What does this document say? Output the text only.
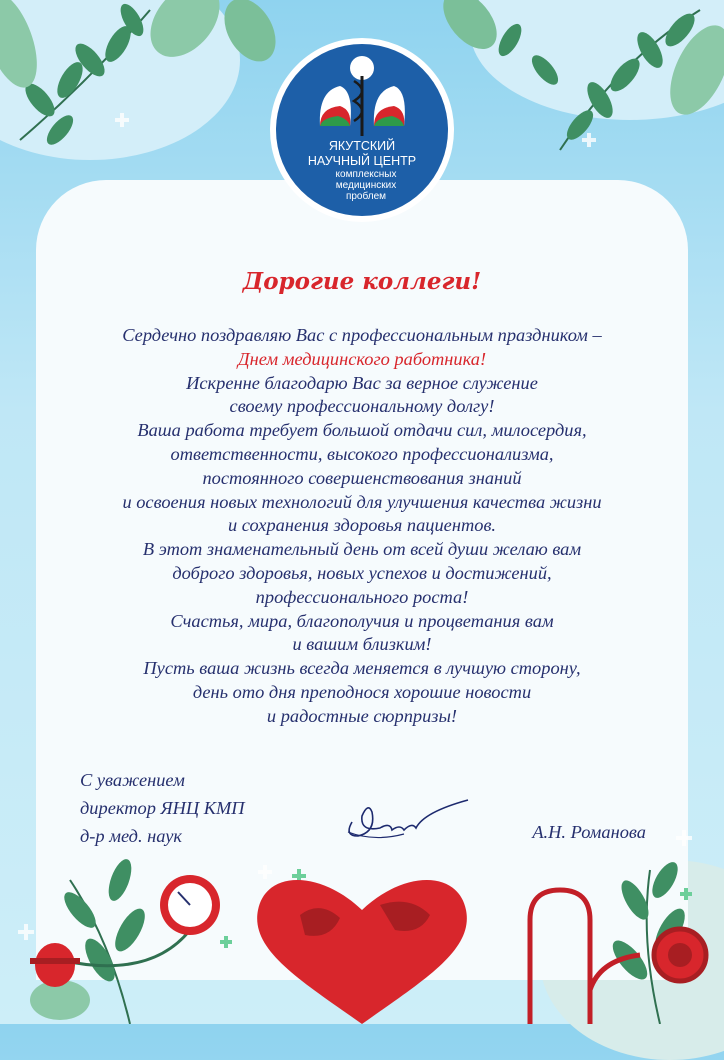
ЯКУТСКИЙ
НАУЧНЫЙ ЦЕНТР
комплексных
медицинских
проблем
Дорогие коллеги!
Сердечно поздравляю Вас с профессиональным праздником –
Днем медицинского работника!
Искренне благодарю Вас за верное служение
своему профессиональному долгу!
Ваша работа требует большой отдачи сил, милосердия,
ответственности, высокого профессионализма,
постоянного совершенствования знаний
и освоения новых технологий для улучшения качества жизни
и сохранения здоровья пациентов.
В этот знаменательный день от всей души желаю вам
доброго здоровья, новых успехов и достижений,
профессионального роста!
Счастья, мира, благополучия и процветания вам
и вашим близким!
Пусть ваша жизнь всегда меняется в лучшую сторону,
день ото дня преподнося хорошие новости
и радостные сюрпризы!
С уважением
директор ЯНЦ КМП
д-р мед. наук	А.Н. Романова
